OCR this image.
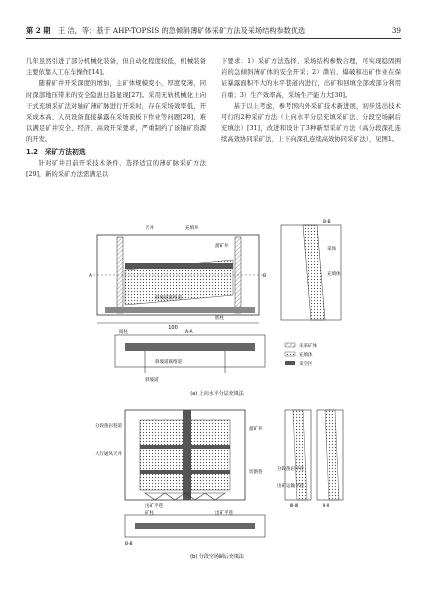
第 2 期 王 洁，等：基于 AHP-TOPSIS 的急倾斜薄矿体采矿方法及采场结构参数优选	39

几年虽然引进了部分机械化装备，但自动化程度较低，机械装备主要依靠人工在车操作[14]。

随着矿井开采深度的增加，主矿体规模变小，厚度变薄，同时深部地压带来的安全隐患日趋显现[27]。采用无轨机械化上向干式充填采矿法对轴矿薄矿脉进行开采时，存在采场效率低、开采成本高、人员设备直接暴露在采场顶板下作业等问题[28]，难以满足矿井安全、经济、高效开采要求，严重制约了该铀矿资源的开发。

1.2　采矿方法初选

针对矿井目前开采技术条件，选择适宜的薄矿脉采矿方法[29]，新的采矿方法需满足以

下要求：1）采矿方法选择、采场结构参数合理，可实现稳固围岩的急倾斜薄矿体的安全开采；2）凿岩、爆破和出矿作业在保证暴露面积不大的水平巷道内进行，出矿和回填全部或部分利用自重；3）生产效率高，采场生产能力大[30]。

基于以上考虑，参考国内外采矿技术新进展，初步选出技术可行的2种采矿方法（上向水平分层充填采矿法、分段空场嗣后充填法）[31]，改进和设计了3种新型采矿方法（高分段深孔连续高效协同采矿法、上下向深孔连续高效协同采矿法），见图1。

100
底柱
天井	充填井
溜矿井
斜坡道联络道
A	B
B-B
采场
充填体
斜坡道联络道
斜坡道
间柱	A-A
未采矿体
充填体
采空区
(a) 上向水平分层充填法
分段凿岩巷道
人行通风天井
溜矿井
切割巷
出矿平巷	Ⅲ-Ⅲ	Ⅱ-Ⅱ
分段凿岩平巷
出矿运输平巷
出矿平巷
矿柱
B-B
(b) 分段空场嗣后充填法
